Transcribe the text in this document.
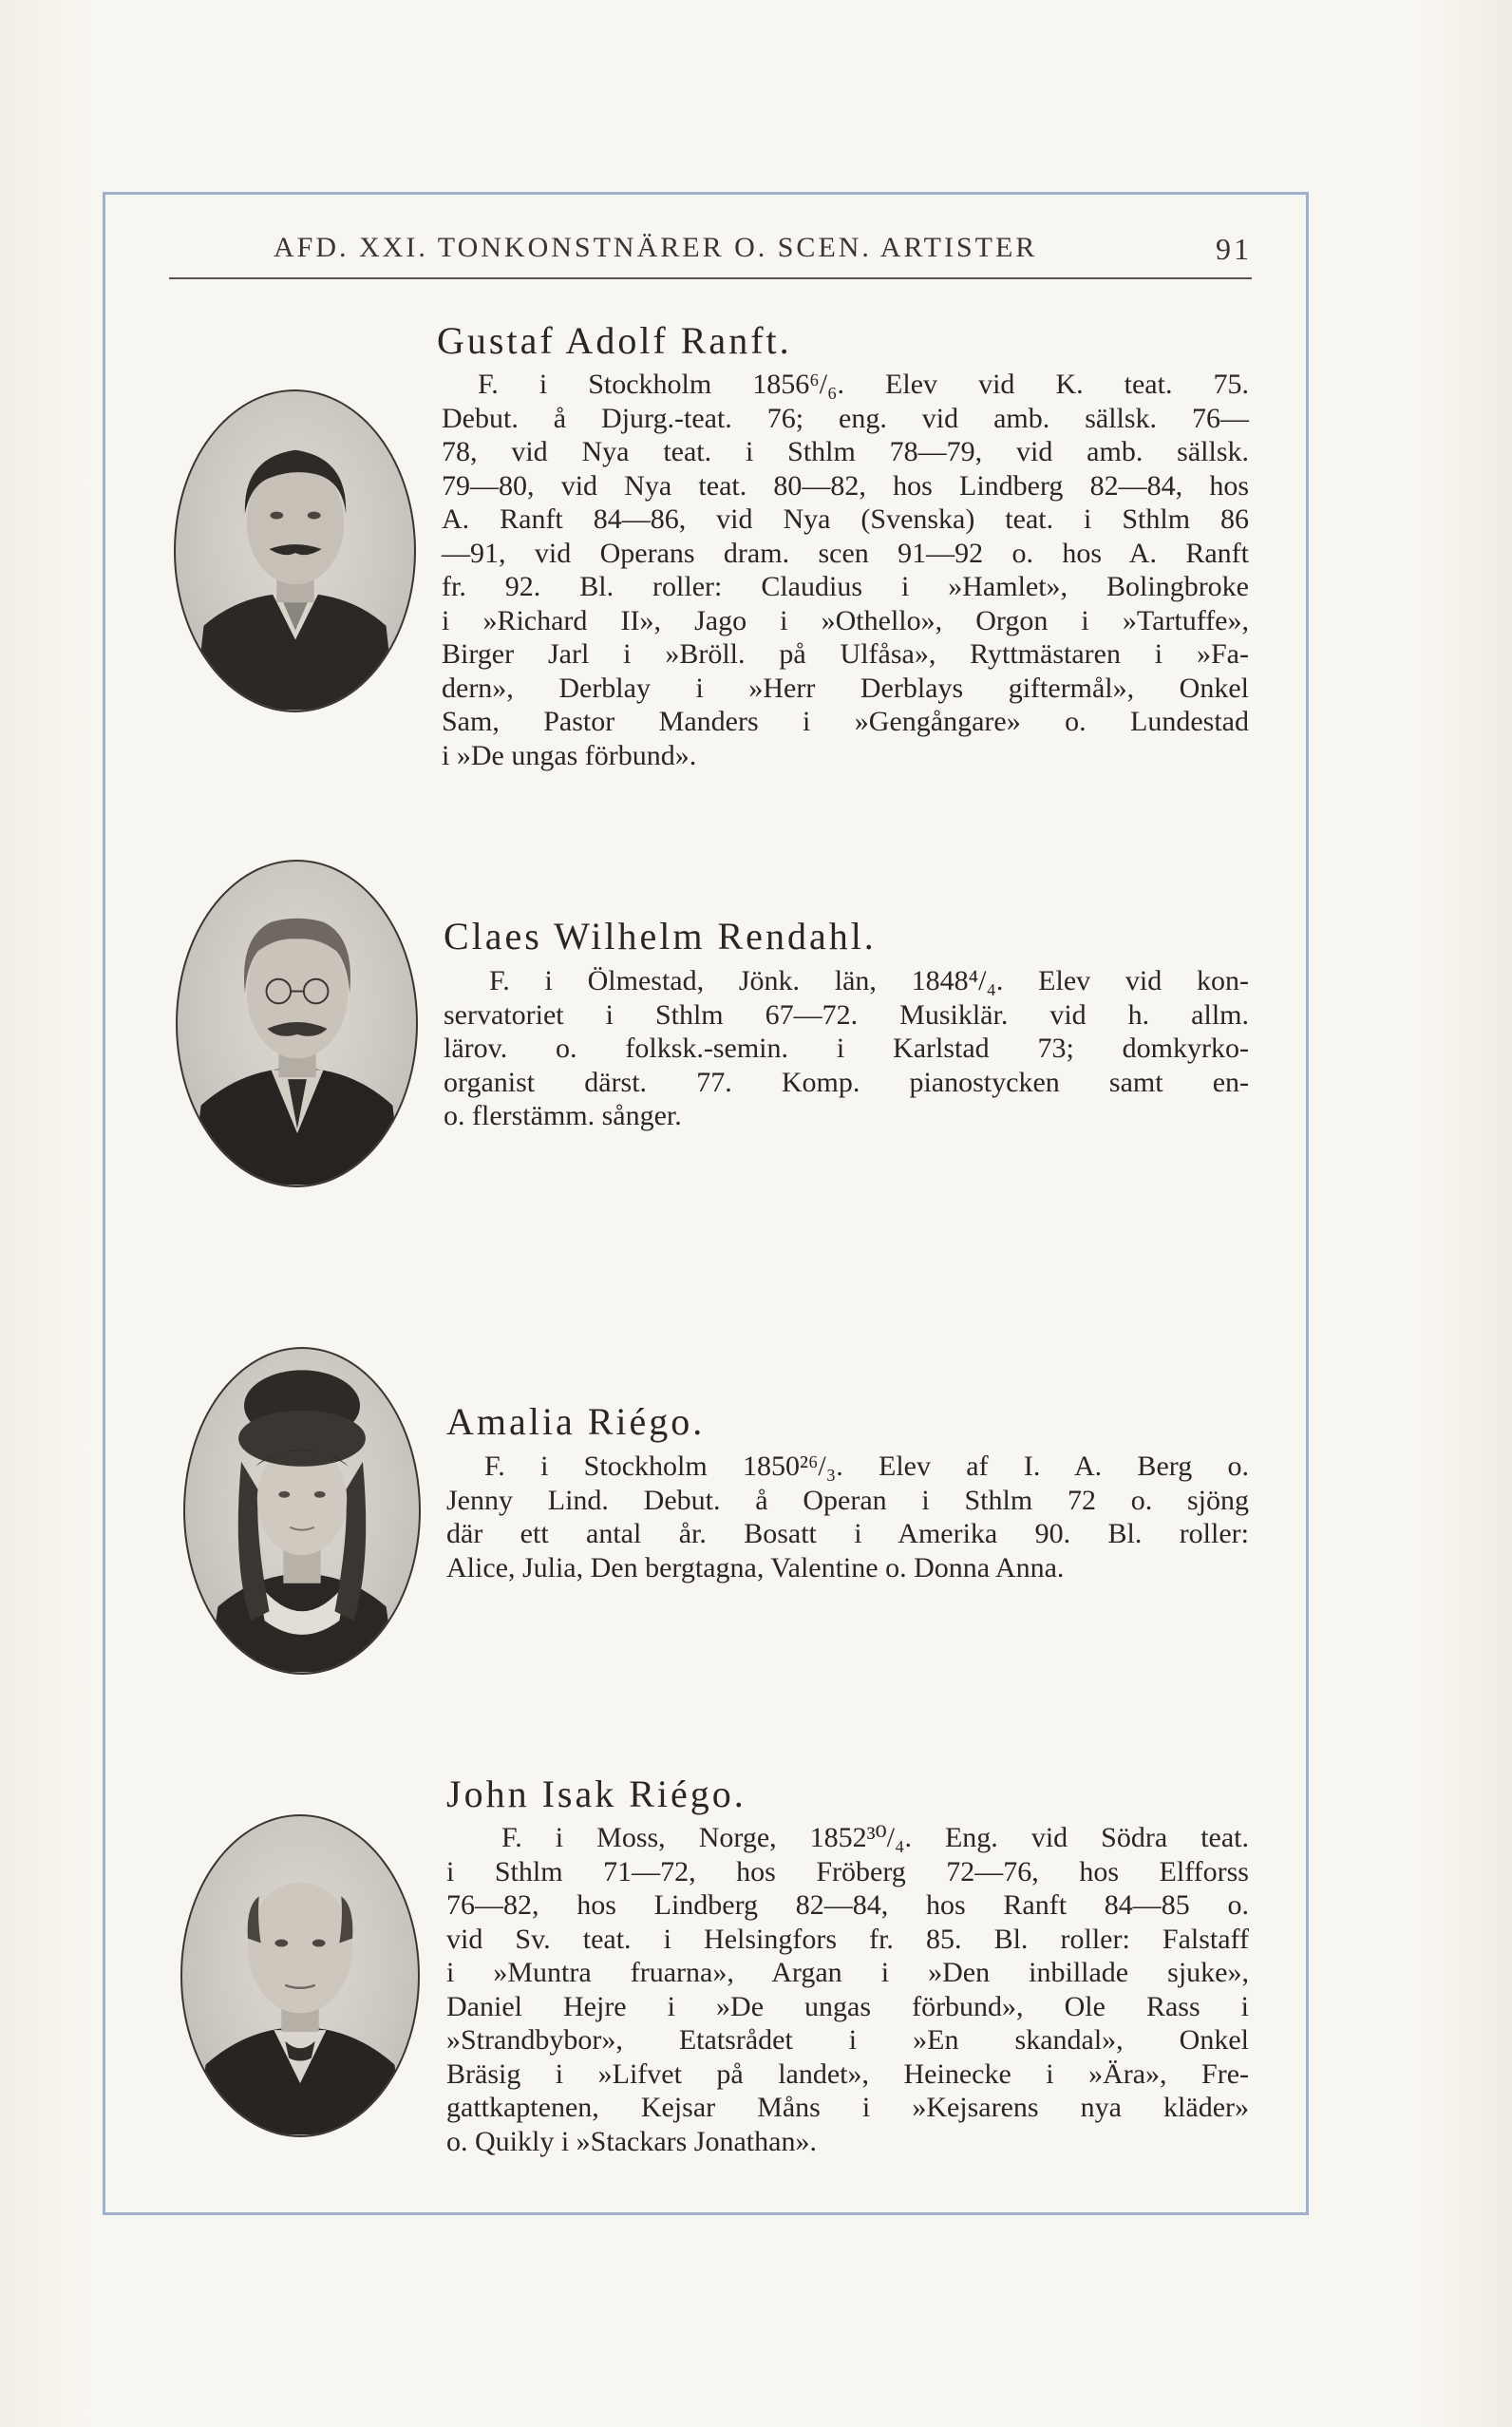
AFD. XXI. TONKONSTNÄRER O. SCEN. ARTISTER	91
Gustaf Adolf Ranft.
F. i Stockholm 1856⁶/₆. Elev vid K. teat. 75.
Debut. å Djurg.-teat. 76; eng. vid amb. sällsk. 76—
78, vid Nya teat. i Sthlm 78—79, vid amb. sällsk.
79—80, vid Nya teat. 80—82, hos Lindberg 82—84, hos
A. Ranft 84—86, vid Nya (Svenska) teat. i Sthlm 86
—91, vid Operans dram. scen 91—92 o. hos A. Ranft
fr. 92. Bl. roller: Claudius i »Hamlet», Bolingbroke
i »Richard II», Jago i »Othello», Orgon i »Tartuffe»,
Birger Jarl i »Bröll. på Ulfåsa», Ryttmästaren i »Fa-
dern», Derblay i »Herr Derblays giftermål», Onkel
Sam, Pastor Manders i »Gengångare» o. Lundestad
i »De ungas förbund».
Claes Wilhelm Rendahl.
F. i Ölmestad, Jönk. län, 1848⁴/₄. Elev vid kon-
servatoriet i Sthlm 67—72. Musiklär. vid h. allm.
lärov. o. folksk.-semin. i Karlstad 73; domkyrko-
organist därst. 77. Komp. pianostycken samt en-
o. flerstämm. sånger.
Amalia Riégo.
F. i Stockholm 1850²⁶/₃. Elev af I. A. Berg o.
Jenny Lind. Debut. å Operan i Sthlm 72 o. sjöng
där ett antal år. Bosatt i Amerika 90. Bl. roller:
Alice, Julia, Den bergtagna, Valentine o. Donna Anna.
John Isak Riégo.
F. i Moss, Norge, 1852³⁰/₄. Eng. vid Södra teat.
i Sthlm 71—72, hos Fröberg 72—76, hos Elfforss
76—82, hos Lindberg 82—84, hos Ranft 84—85 o.
vid Sv. teat. i Helsingfors fr. 85. Bl. roller: Falstaff
i »Muntra fruarna», Argan i »Den inbillade sjuke»,
Daniel Hejre i »De ungas förbund», Ole Rass i
»Strandbybor», Etatsrådet i »En skandal», Onkel
Bräsig i »Lifvet på landet», Heinecke i »Ära», Fre-
gattkaptenen, Kejsar Måns i »Kejsarens nya kläder»
o. Quikly i »Stackars Jonathan».
